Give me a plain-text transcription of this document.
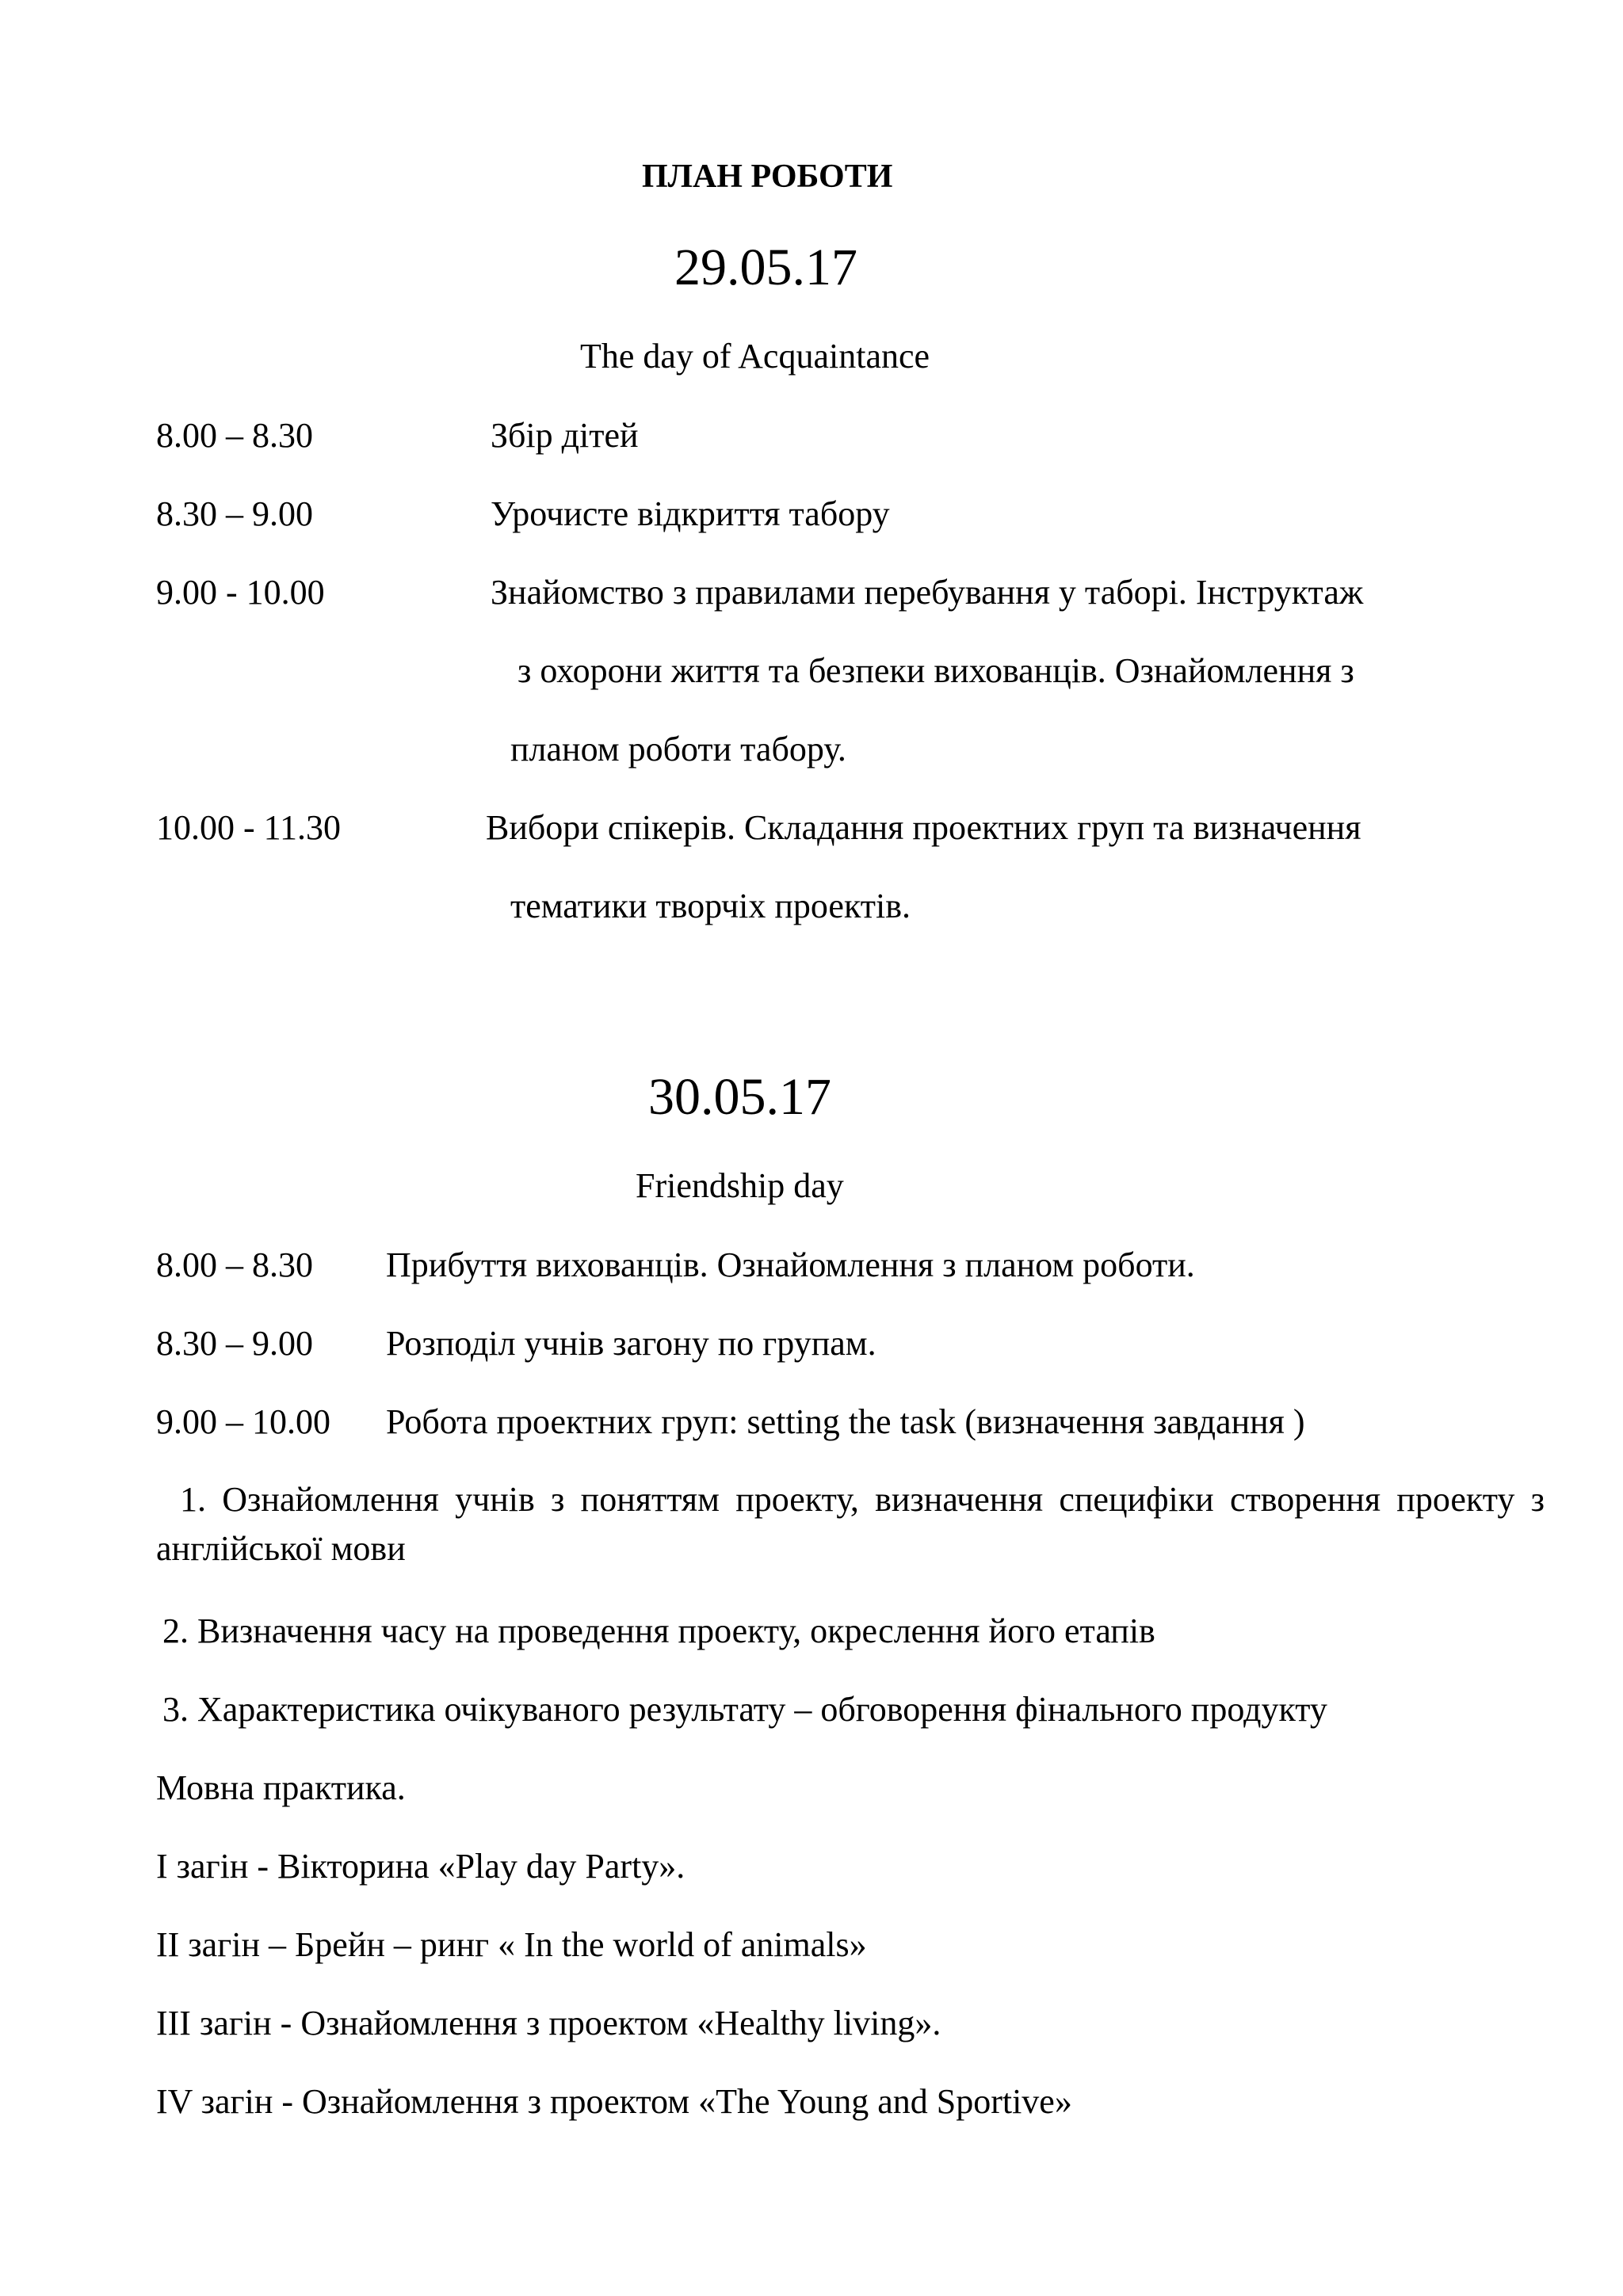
ПЛАН РОБОТИ
29.05.17
The day of Acquaintance
8.00 – 8.30	Збір дітей
8.30 – 9.00	Урочисте відкриття табору
9.00 - 10.00	Знайомство з правилами перебування у таборі. Інструктаж
з охорони життя та безпеки вихованців. Ознайомлення з
планом роботи табору.
10.00 - 11.30	Вибори спікерів. Складання проектних груп та визначення
тематики творчіх проектів.
30.05.17
Friendship day
8.00 – 8.30 Прибуття вихованців. Ознайомлення з планом роботи.
8.30 – 9.00 Розподіл учнів загону по групам.
9.00 – 10.00 Робота проектних груп: setting the task (визначення завдання )
1. Ознайомлення учнів з поняттям проекту, визначення специфіки створення проекту з англійської мови
2. Визначення часу на проведення проекту, окреслення його етапів
3. Характеристика очікуваного результату – обговорення фінального продукту
Мовна практика.
І загін - Вікторина «Play day Party».
ІІ загін – Брейн – ринг « In the world of animals»
ІІІ загін - Ознайомлення з проектом «Healthy living».
ІV загін - Ознайомлення з проектом «The Young and Sportive»
